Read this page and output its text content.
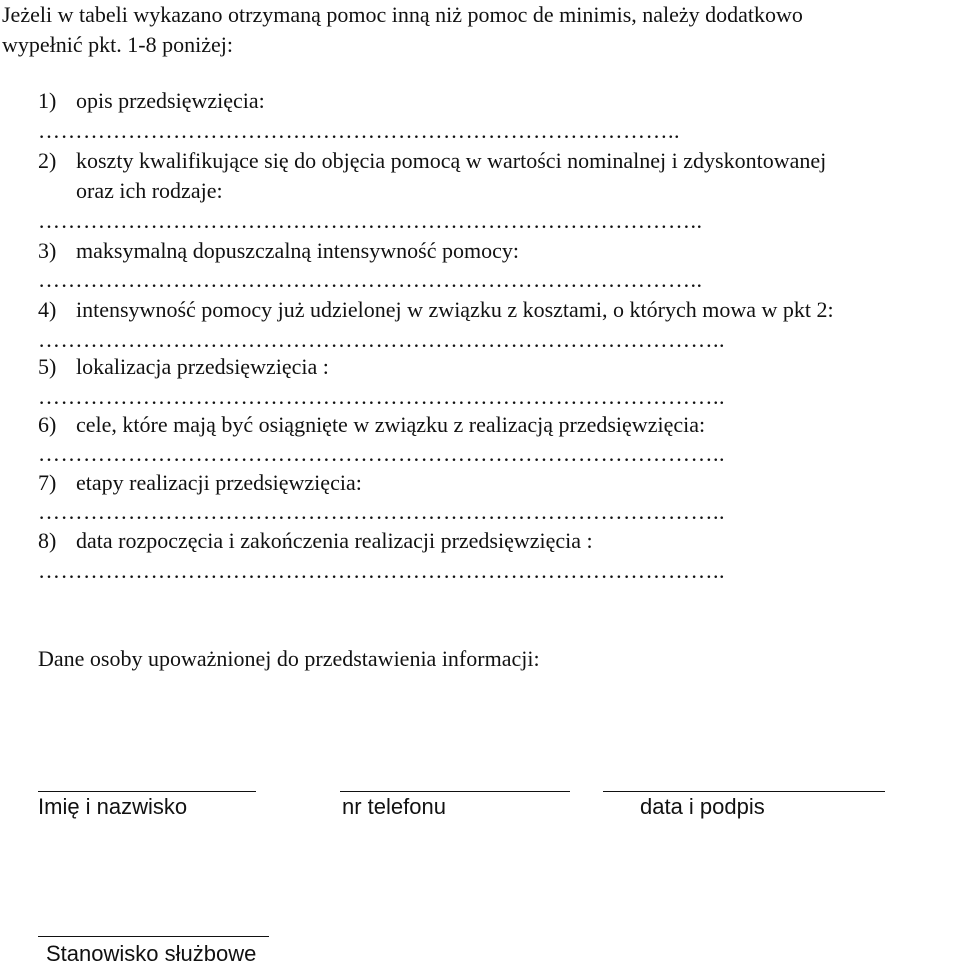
Jeżeli w tabeli wykazano otrzymaną pomoc inną niż pomoc de minimis, należy dodatkowo
wypełnić pkt. 1-8 poniżej:
1) opis przedsięwzięcia:
…………………………………………………………………………..
2) koszty kwalifikujące się do objęcia pomocą w wartości nominalnej i zdyskontowanej
oraz ich rodzaje:
……………………………………………………………………………..
3) maksymalną dopuszczalną intensywność pomocy:
……………………………………………………………………………..
4) intensywność pomocy już udzielonej w związku z kosztami, o których mowa w pkt 2:
………………………………………………………………………………..
5) lokalizacja przedsięwzięcia :
………………………………………………………………………………..
6) cele, które mają być osiągnięte w związku z realizacją przedsięwzięcia:
………………………………………………………………………………..
7) etapy realizacji przedsięwzięcia:
………………………………………………………………………………..
8) data rozpoczęcia i zakończenia realizacji przedsięwzięcia :
………………………………………………………………………………..
Dane osoby upoważnionej do przedstawienia informacji:
Imię i nazwisko	nr telefonu	data i podpis
Stanowisko służbowe
